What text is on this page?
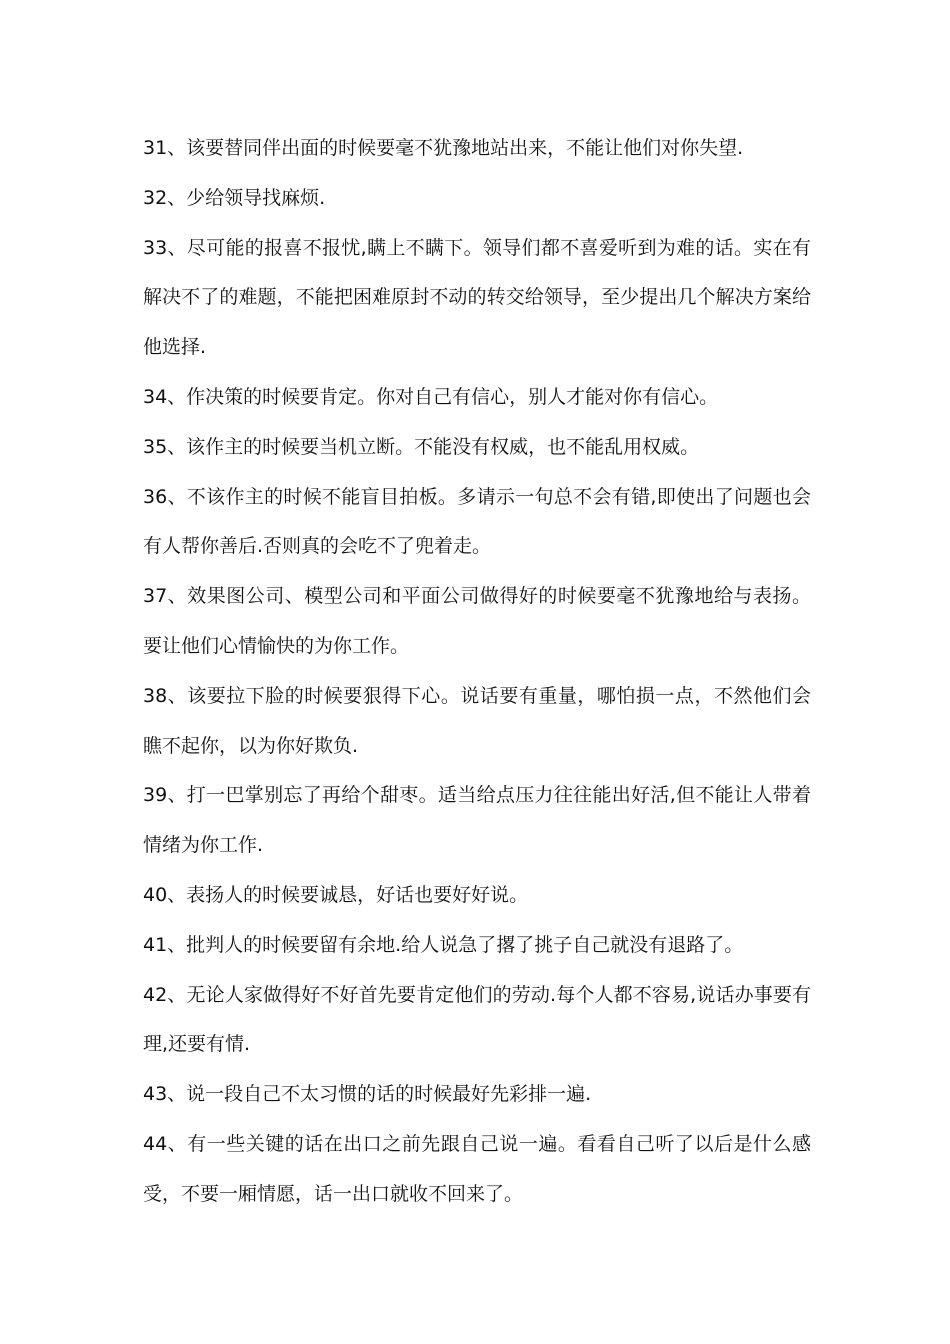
31、该要替同伴出面的时候要毫不犹豫地站出来，不能让他们对你失望.

32、少给领导找麻烦.

33、尽可能的报喜不报忧,瞒上不瞒下。领导们都不喜爱听到为难的话。实在有解决不了的难题，不能把困难原封不动的转交给领导，至少提出几个解决方案给他选择.

34、作决策的时候要肯定。你对自己有信心，别人才能对你有信心。

35、该作主的时候要当机立断。不能没有权威，也不能乱用权威。

36、不该作主的时候不能盲目拍板。多请示一句总不会有错,即使出了问题也会有人帮你善后.否则真的会吃不了兜着走。

37、效果图公司、模型公司和平面公司做得好的时候要毫不犹豫地给与表扬。要让他们心情愉快的为你工作。

38、该要拉下脸的时候要狠得下心。说话要有重量，哪怕损一点，不然他们会瞧不起你，以为你好欺负.

39、打一巴掌别忘了再给个甜枣。适当给点压力往往能出好活,但不能让人带着情绪为你工作.

40、表扬人的时候要诚恳，好话也要好好说。

41、批判人的时候要留有余地.给人说急了撂了挑子自己就没有退路了。

42、无论人家做得好不好首先要肯定他们的劳动.每个人都不容易,说话办事要有理,还要有情.

43、说一段自己不太习惯的话的时候最好先彩排一遍.

44、有一些关键的话在出口之前先跟自己说一遍。看看自己听了以后是什么感受，不要一厢情愿，话一出口就收不回来了。
